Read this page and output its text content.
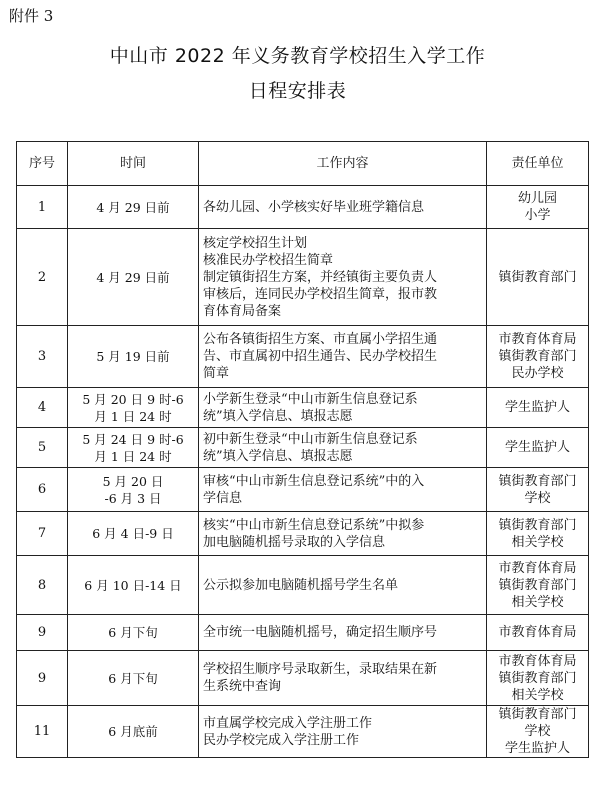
附件 3
中山市 2022 年义务教育学校招生入学工作
日程安排表
序号	时间	工作内容	责任单位
1	4 月 29 日前	各幼儿园、小学核实好毕业班学籍信息	幼儿园
小学

2	4 月 29 日前	核定学校招生计划
核准民办学校招生简章
制定镇街招生方案，并经镇街主要负责人
审核后，连同民办学校招生简章，报市教
育体育局备案	镇街教育部门

3	5 月 19 日前	公布各镇街招生方案、市直属小学招生通
告、市直属初中招生通告、民办学校招生
简章	市教育体育局
镇街教育部门
民办学校

4	5 月 20 日 9 时-6
月 1 日 24 时	小学新生登录“中山市新生信息登记系
统”填入学信息、填报志愿	学生监护人

5	5 月 24 日 9 时-6
月 1 日 24 时	初中新生登录“中山市新生信息登记系
统”填入学信息、填报志愿	学生监护人

6	5 月 20 日
-6 月 3 日	审核“中山市新生信息登记系统”中的入
学信息	镇街教育部门
学校

7	6 月 4 日-9 日	核实“中山市新生信息登记系统”中拟参
加电脑随机摇号录取的入学信息	镇街教育部门
相关学校

8	6 月 10 日-14 日	公示拟参加电脑随机摇号学生名单	市教育体育局
镇街教育部门
相关学校

9	6 月下旬	全市统一电脑随机摇号，确定招生顺序号	市教育体育局

9	6 月下旬	学校招生顺序号录取新生，录取结果在新
生系统中查询	市教育体育局
镇街教育部门
相关学校

11	6 月底前	市直属学校完成入学注册工作
民办学校完成入学注册工作	镇街教育部门
学校
学生监护人
